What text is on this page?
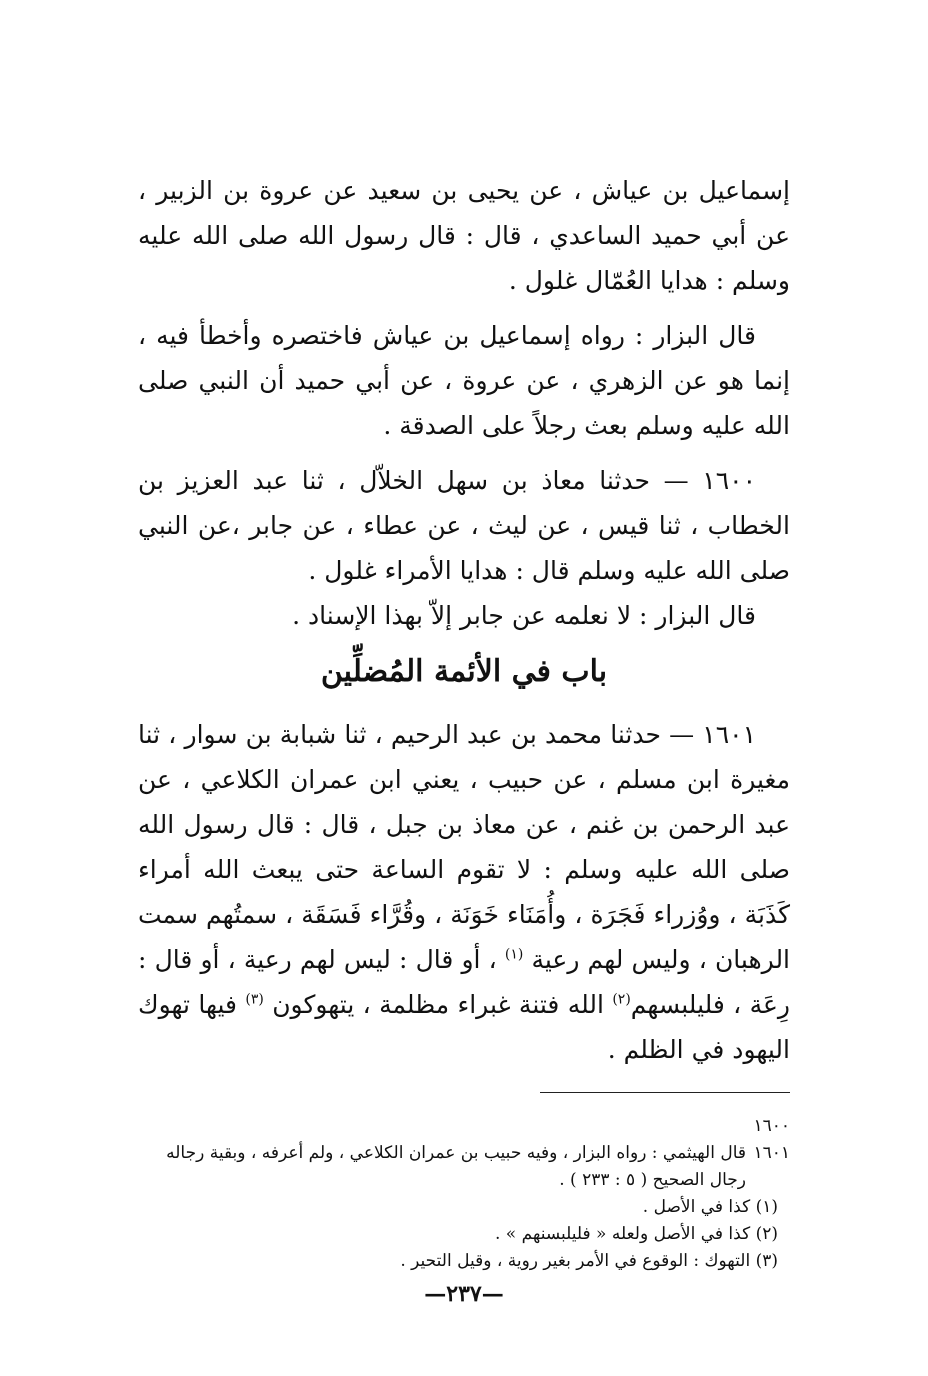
إسماعيل بن عياش ، عن يحيى بن سعيد عن عروة بن الزبير ، عن أبي حميد الساعدي ، قال : قال رسول الله صلى الله عليه وسلم : هدايا العُمّال غلول .

قال البزار : رواه إسماعيل بن عياش فاختصره وأخطأ فيه ، إنما هو عن الزهري ، عن عروة ، عن أبي حميد أن النبي صلى الله عليه وسلم بعث رجلاً على الصدقة .

١٦٠٠ — حدثنا معاذ بن سهل الخلاّل ، ثنا عبد العزيز بن الخطاب ، ثنا قيس ، عن ليث ، عن عطاء ، عن جابر ،عن النبي صلى الله عليه وسلم قال : هدايا الأمراء غلول .

قال البزار : لا نعلمه عن جابر إلاّ بهذا الإسناد .

باب في الأئمة المُضلِّين

١٦٠١ — حدثنا محمد بن عبد الرحيم ، ثنا شبابة بن سوار ، ثنا مغيرة ابن مسلم ، عن حبيب ، يعني ابن عمران الكلاعي ، عن عبد الرحمن بن غنم ، عن معاذ بن جبل ، قال : قال رسول الله صلى الله عليه وسلم : لا تقوم الساعة حتى يبعث الله أمراء كَذَبَة ، ووُزراء فَجَرَة ، وأُمَنَاء خَوَنَة ، وقُرَّاء فَسَقَة ، سمتُهم سمت الرهبان ، وليس لهم رعية $^{(١)}$ ، أو قال : ليس لهم رعية ، أو قال : رِعَة ، فليلبسهم$^{(٢)}$ الله فتنة غبراء مظلمة ، يتهوكون $^{(٣)}$ فيها تهوك اليهود في الظلم .

١٦٠٠

١٦٠١قال الهيثمي : رواه البزار ، وفيه حبيب بن عمران الكلاعي ، ولم أعرفه ، وبقية رجاله رجال الصحيح ( ٥ : ٢٣٣ ) .

(١) كذا في الأصل .

(٢) كذا في الأصل ولعله « فليلبسنهم » .

(٣) التهوك : الوقوع في الأمر بغير روية ، وقيل التحير .

—٢٣٧—
